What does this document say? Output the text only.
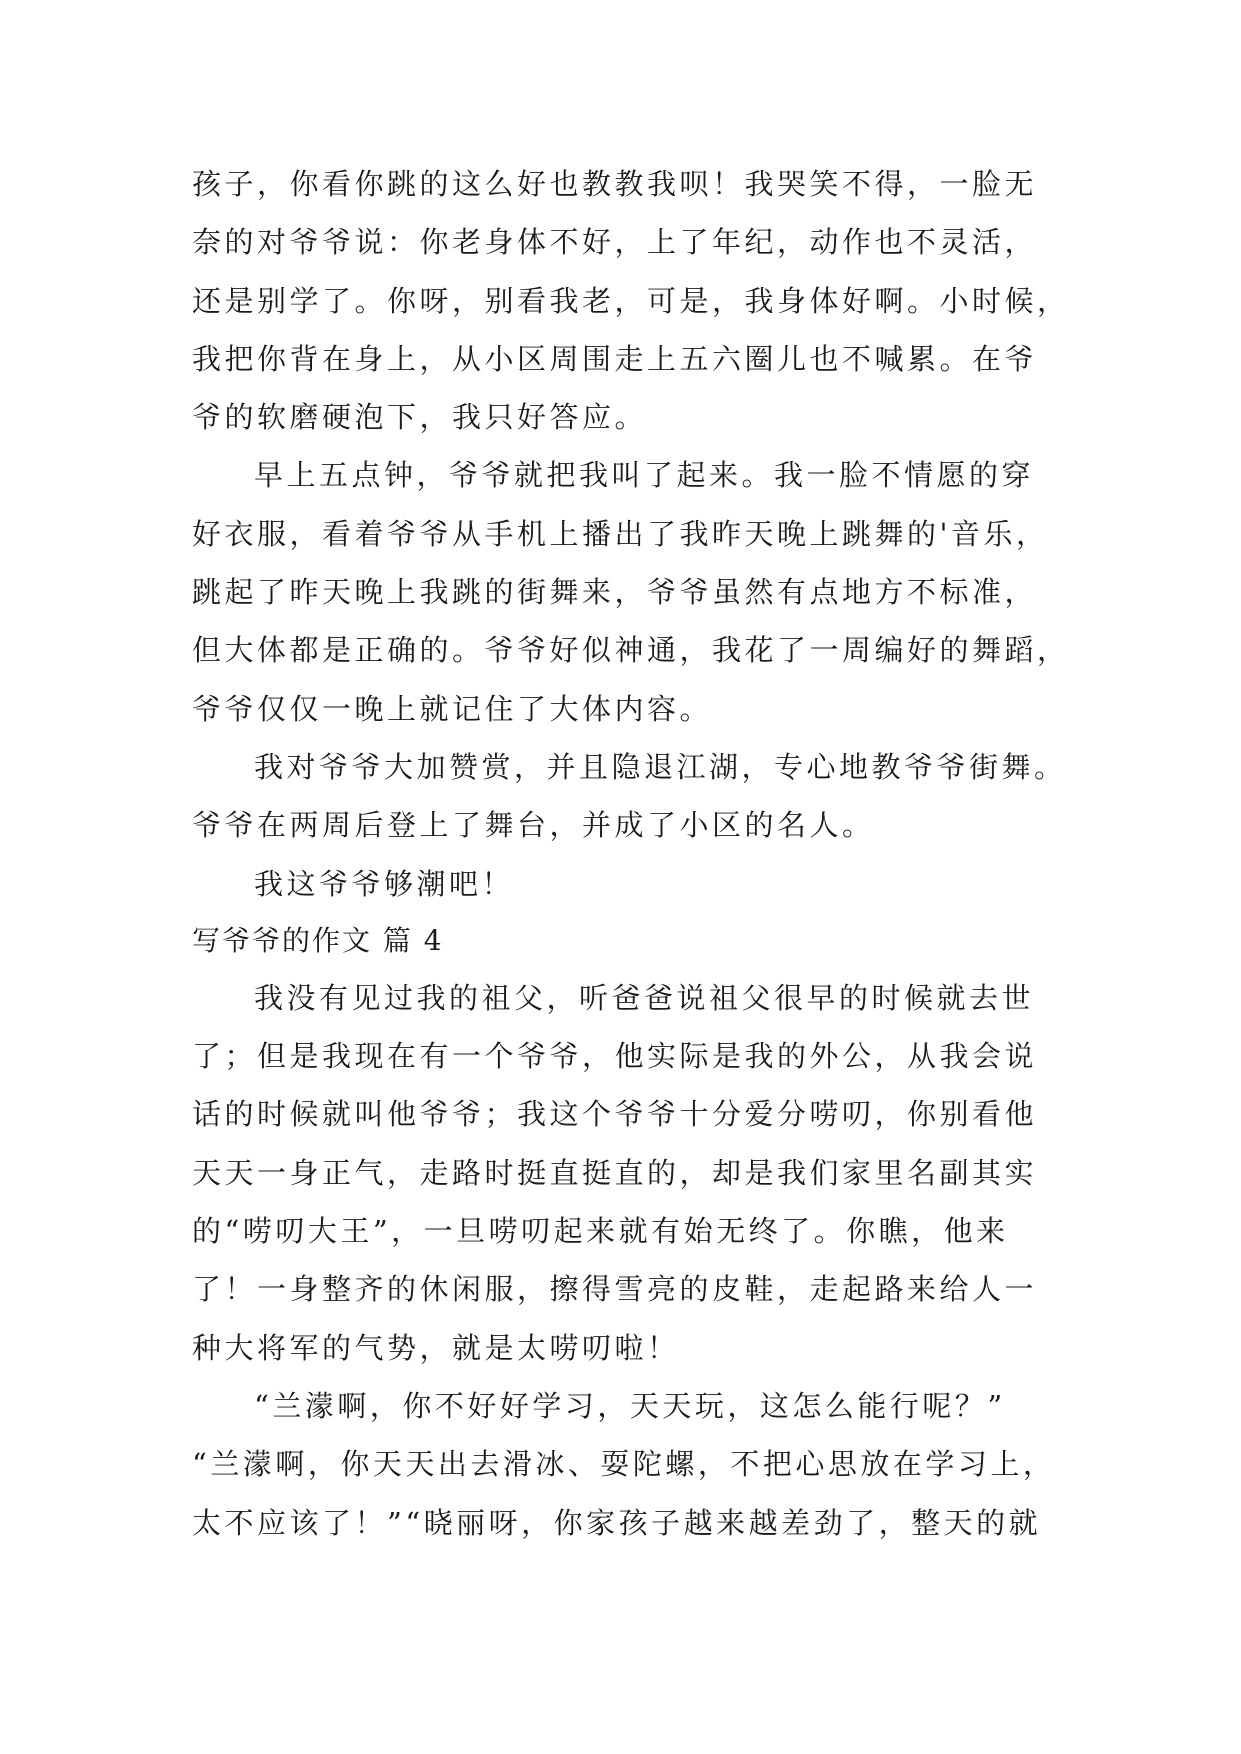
孩子，你看你跳的这么好也教教我呗！我哭笑不得，一脸无
奈的对爷爷说：你老身体不好，上了年纪，动作也不灵活，
还是别学了。你呀，别看我老，可是，我身体好啊。小时候，
我把你背在身上，从小区周围走上五六圈儿也不喊累。在爷
爷的软磨硬泡下，我只好答应。
早上五点钟，爷爷就把我叫了起来。我一脸不情愿的穿
好衣服，看着爷爷从手机上播出了我昨天晚上跳舞的'音乐，
跳起了昨天晚上我跳的街舞来，爷爷虽然有点地方不标准，
但大体都是正确的。爷爷好似神通，我花了一周编好的舞蹈，
爷爷仅仅一晚上就记住了大体内容。
我对爷爷大加赞赏，并且隐退江湖，专心地教爷爷街舞。
爷爷在两周后登上了舞台，并成了小区的名人。
我这爷爷够潮吧！
写爷爷的作文 篇 4
我没有见过我的祖父，听爸爸说祖父很早的时候就去世
了；但是我现在有一个爷爷，他实际是我的外公，从我会说
话的时候就叫他爷爷；我这个爷爷十分爱分唠叨，你别看他
天天一身正气，走路时挺直挺直的，却是我们家里名副其实
的“唠叨大王”，一旦唠叨起来就有始无终了。你瞧，他来
了！一身整齐的休闲服，擦得雪亮的皮鞋，走起路来给人一
种大将军的气势，就是太唠叨啦！
“兰濛啊，你不好好学习，天天玩，这怎么能行呢？”
“兰濛啊，你天天出去滑冰、耍陀螺，不把心思放在学习上，
太不应该了！”“晓丽呀，你家孩子越来越差劲了，整天的就
